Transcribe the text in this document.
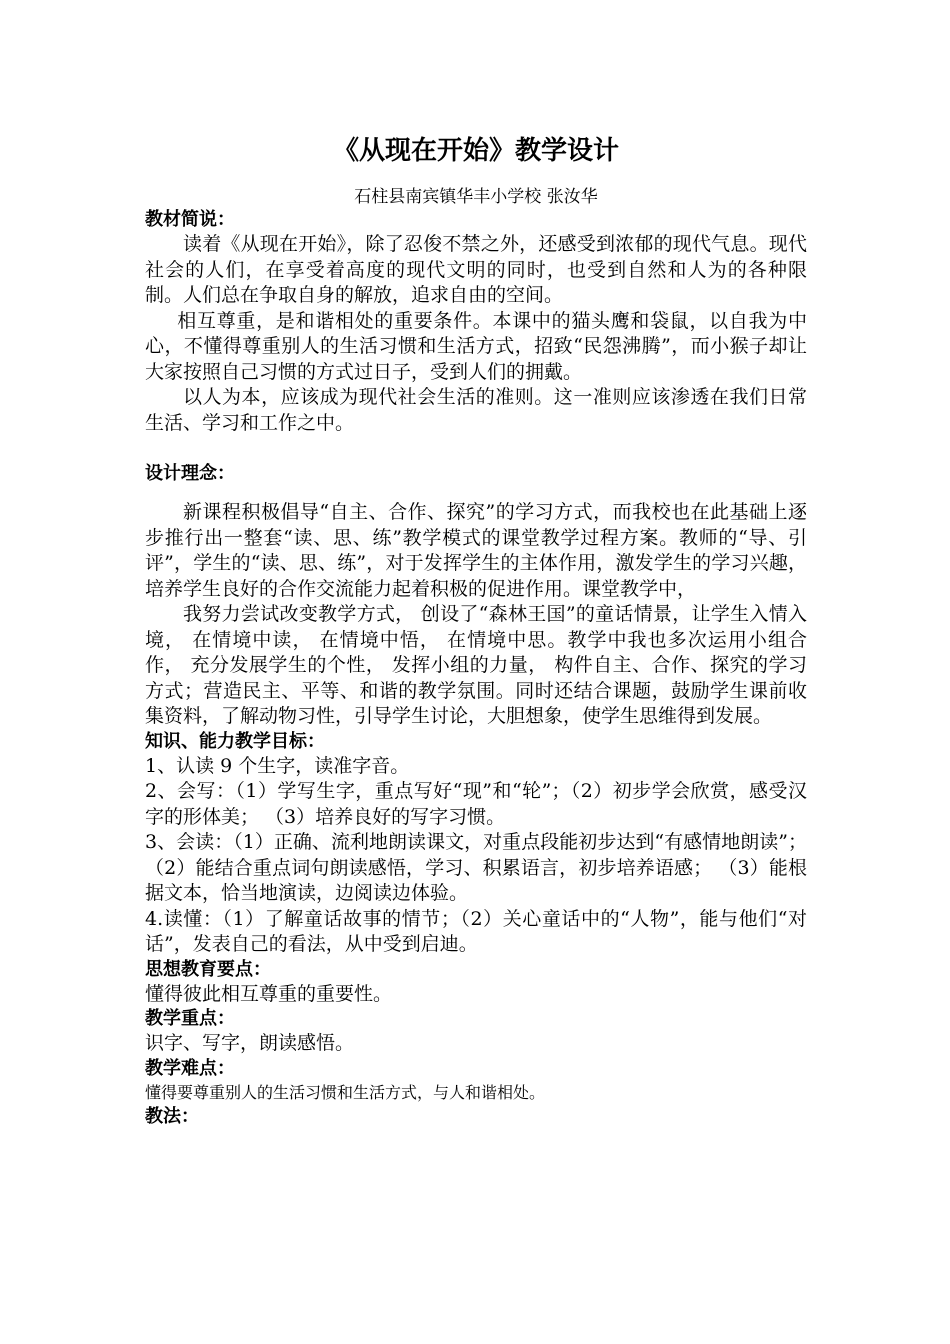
《从现在开始》教学设计
石柱县南宾镇华丰小学校 张汝华
教材简说：

读着《从现在开始》，除了忍俊不禁之外，还感受到浓郁的现代气息。现代社会的人们，在享受着高度的现代文明的同时，也受到自然和人为的各种限制。人们总在争取自身的解放，追求自由的空间。

相互尊重，是和谐相处的重要条件。本课中的猫头鹰和袋鼠，以自我为中心，不懂得尊重别人的生活习惯和生活方式，招致“民怨沸腾”，而小猴子却让大家按照自己习惯的方式过日子，受到人们的拥戴。

以人为本，应该成为现代社会生活的准则。这一准则应该渗透在我们日常生活、学习和工作之中。

设计理念：

新课程积极倡导“自主、合作、探究”的学习方式，而我校也在此基础上逐步推行出一整套“读、思、练”教学模式的课堂教学过程方案。教师的“导、引评”，学生的“读、思、练”，对于发挥学生的主体作用，激发学生的学习兴趣，培养学生良好的合作交流能力起着积极的促进作用。课堂教学中，

我努力尝试改变教学方式， 创设了“森林王国”的童话情景，让学生入情入境， 在情境中读， 在情境中悟， 在情境中思。教学中我也多次运用小组合作， 充分发展学生的个性， 发挥小组的力量， 构件自主、合作、探究的学习方式；营造民主、平等、和谐的教学氛围。同时还结合课题，鼓励学生课前收集资料，了解动物习性，引导学生讨论，大胆想象，使学生思维得到发展。

知识、能力教学目标：

1、认读 9 个生字，读准字音。

2、会写：（1）学写生字，重点写好“现”和“轮”；（2）初步学会欣赏，感受汉字的形体美； （3）培养良好的写字习惯。

3、会读：（1）正确、流利地朗读课文，对重点段能初步达到“有感情地朗读”；（2）能结合重点词句朗读感悟，学习、积累语言，初步培养语感； （3）能根据文本，恰当地演读，边阅读边体验。

4.读懂：（1）了解童话故事的情节；（2）关心童话中的“人物”，能与他们“对话”，发表自己的看法，从中受到启迪。

思想教育要点：

懂得彼此相互尊重的重要性。

教学重点：

识字、写字，朗读感悟。

教学难点：

懂得要尊重别人的生活习惯和生活方式，与人和谐相处。

教法：
